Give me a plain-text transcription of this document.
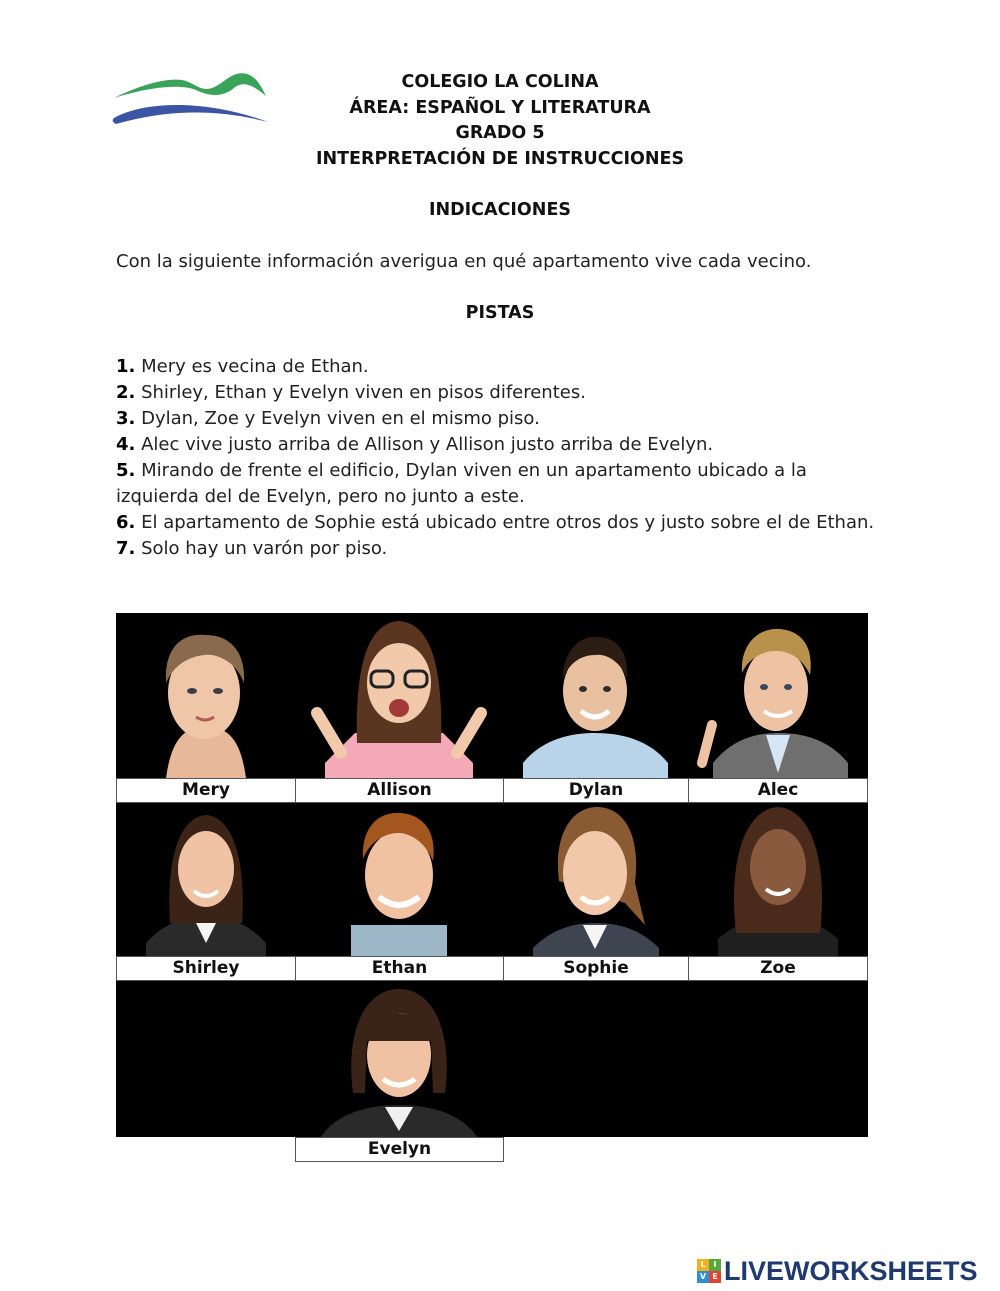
COLEGIO LA COLINA
ÁREA: ESPAÑOL Y LITERATURA
GRADO 5
INTERPRETACIÓN DE INSTRUCCIONES
INDICACIONES
Con la siguiente información averigua en qué apartamento vive cada vecino.
PISTAS
1. Mery es vecina de Ethan.
2. Shirley, Ethan y Evelyn viven en pisos diferentes.
3. Dylan, Zoe y Evelyn viven en el mismo piso.
4. Alec vive justo arriba de Allison y Allison justo arriba de Evelyn.
5. Mirando de frente el edificio, Dylan viven en un apartamento ubicado a la izquierda del de Evelyn, pero no junto a este.
6. El apartamento de Sophie está ubicado entre otros dos y justo sobre el de Ethan.
7. Solo hay un varón por piso.
Mery	Allison	Dylan	Alec
Shirley	Ethan	Sophie	Zoe
Evelyn
L I
V E LIVEWORKSHEETS
